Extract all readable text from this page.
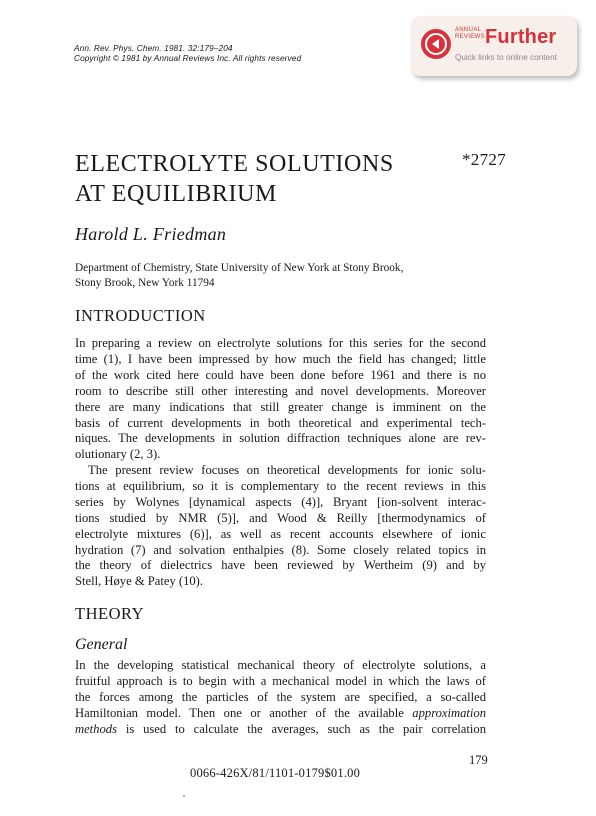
Ann. Rev. Phys. Chem. 1981. 32:179–204
Copyright © 1981 by Annual Reviews Inc. All rights reserved
ANNUAL
REVIEWS Further
Quick links to online content
ELECTROLYTE SOLUTIONS
AT EQUILIBRIUM
*2727
Harold L. Friedman
Department of Chemistry, State University of New York at Stony Brook,
Stony Brook, New York 11794
INTRODUCTION
In preparing a review on electrolyte solutions for this series for the second
time (1), I have been impressed by how much the field has changed; little
of the work cited here could have been done before 1961 and there is no
room to describe still other interesting and novel developments. Moreover
there are many indications that still greater change is imminent on the
basis of current developments in both theoretical and experimental tech-
niques. The developments in solution diffraction techniques alone are rev-
olutionary (2, 3).
The present review focuses on theoretical developments for ionic solu-
tions at equilibrium, so it is complementary to the recent reviews in this
series by Wolynes [dynamical aspects (4)], Bryant [ion-solvent interac-
tions studied by NMR (5)], and Wood & Reilly [thermodynamics of
electrolyte mixtures (6)], as well as recent accounts elsewhere of ionic
hydration (7) and solvation enthalpies (8). Some closely related topics in
the theory of dielectrics have been reviewed by Wertheim (9) and by
Stell, Høye & Patey (10).
THEORY
General
In the developing statistical mechanical theory of electrolyte solutions, a
fruitful approach is to begin with a mechanical model in which the laws of
the forces among the particles of the system are specified, a so-called
Hamiltonian model. Then one or another of the available approximation
methods is used to calculate the averages, such as the pair correlation
179
0066-426X/81/1101-0179$01.00
